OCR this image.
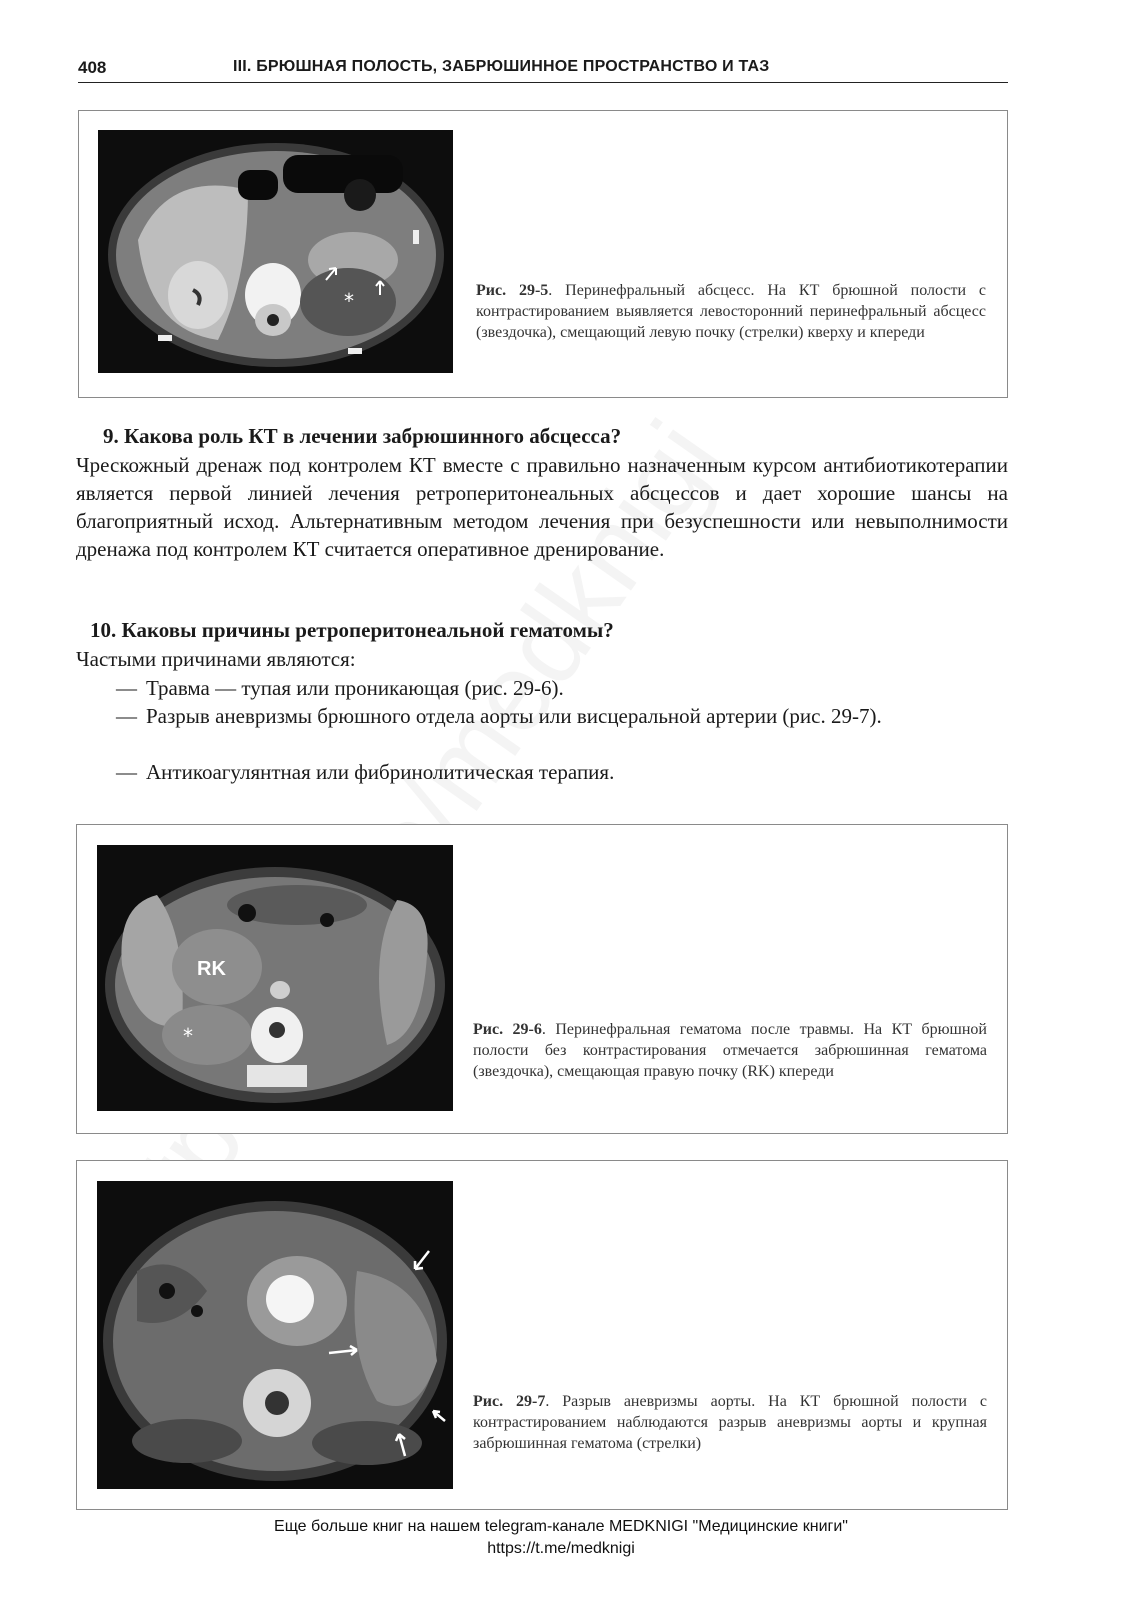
408	III. БРЮШНАЯ ПОЛОСТЬ, ЗАБРЮШИННОЕ ПРОСТРАНСТВО И ТАЗ
*	Рис. 29-5. Перинефральный абсцесс. На КТ брюшной полости с контрастированием выявляется левосторонний перинефральный абсцесс (звездочка), смещающий левую почку (стрелки) кверху и кпереди
9. Какова роль КТ в лечении забрюшинного абсцесса?
Чрескожный дренаж под контролем КТ вместе с правильно назначенным курсом антибиотикотерапии является первой линией лечения ретроперитонеальных абсцессов и дает хорошие шансы на благоприятный исход. Альтернативным методом лечения при безуспешности или невыполнимости дренажа под контролем КТ считается оперативное дренирование.
10. Каковы причины ретроперитонеальной гематомы?
Частыми причинами являются:
— Травма — тупая или проникающая (рис. 29-6).
— Разрыв аневризмы брюшного отдела аорты или висцеральной артерии (рис. 29-7).
— Антикоагулянтная или фибринолитическая терапия.
RK
*	Рис. 29-6. Перинефральная гематома после травмы. На КТ брюшной полости без контрастирования отмечается забрюшинная гематома (звездочка), смещающая правую почку (RK) кпереди
Рис. 29-7. Разрыв аневризмы аорты. На КТ брюшной полости с контрастированием наблюдаются разрыв аневризмы аорты и крупная забрюшинная гематома (стрелки)
Еще больше книг на нашем telegram-канале MEDKNIGI "Медицинские книги"
https://t.me/medknigi
